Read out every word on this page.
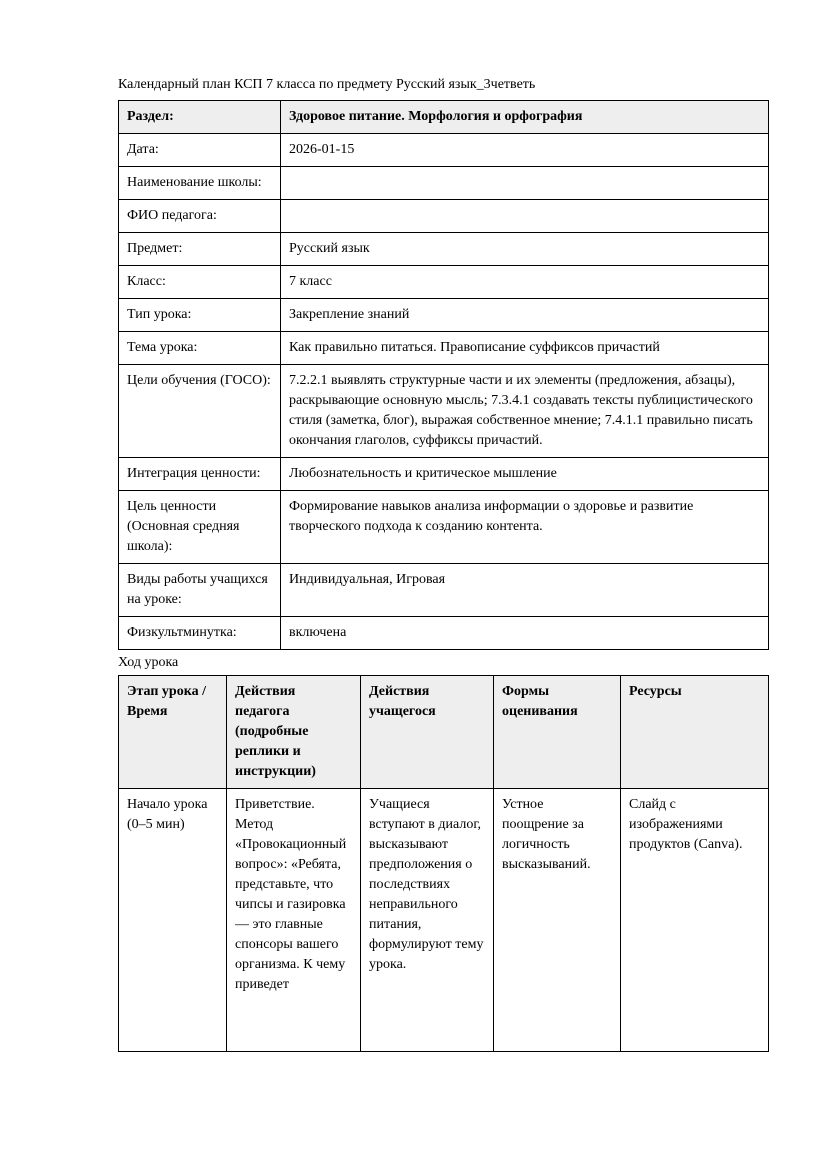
Календарный план КСП 7 класса по предмету Русский язык_3четветь

Раздел:	Здоровое питание. Морфология и орфография
Дата:	2026-01-15
Наименование школы:	
ФИО педагога:	
Предмет:	Русский язык
Класс:	7 класс
Тип урока:	Закрепление знаний
Тема урока:	Как правильно питаться. Правописание суффиксов причастий
Цели обучения (ГОСО):	7.2.2.1 выявлять структурные части и их элементы (предложения, абзацы), раскрывающие основную мысль; 7.3.4.1 создавать тексты публицистического стиля (заметка, блог), выражая собственное мнение; 7.4.1.1 правильно писать окончания глаголов, суффиксы причастий.
Интеграция ценности:	Любознательность и критическое мышление
Цель ценности (Основная средняя школа):	Формирование навыков анализа информации о здоровье и развитие творческого подхода к созданию контента.
Виды работы учащихся на уроке:	Индивидуальная, Игровая
Физкультминутка:	включена

Ход урока

Этап урока / Время	Действия педагога (подробные реплики и инструкции)	Действия учащегося	Формы оценивания	Ресурсы

Начало урока (0–5 мин)	Приветствие. Метод «Провокационный вопрос»: «Ребята, представьте, что чипсы и газировка — это главные спонсоры вашего организма. К чему приведет	Учащиеся вступают в диалог, высказывают предположения о последствиях неправильного питания, формулируют тему урока.	Устное поощрение за логичность высказываний.	Слайд с изображениями продуктов (Canva).
